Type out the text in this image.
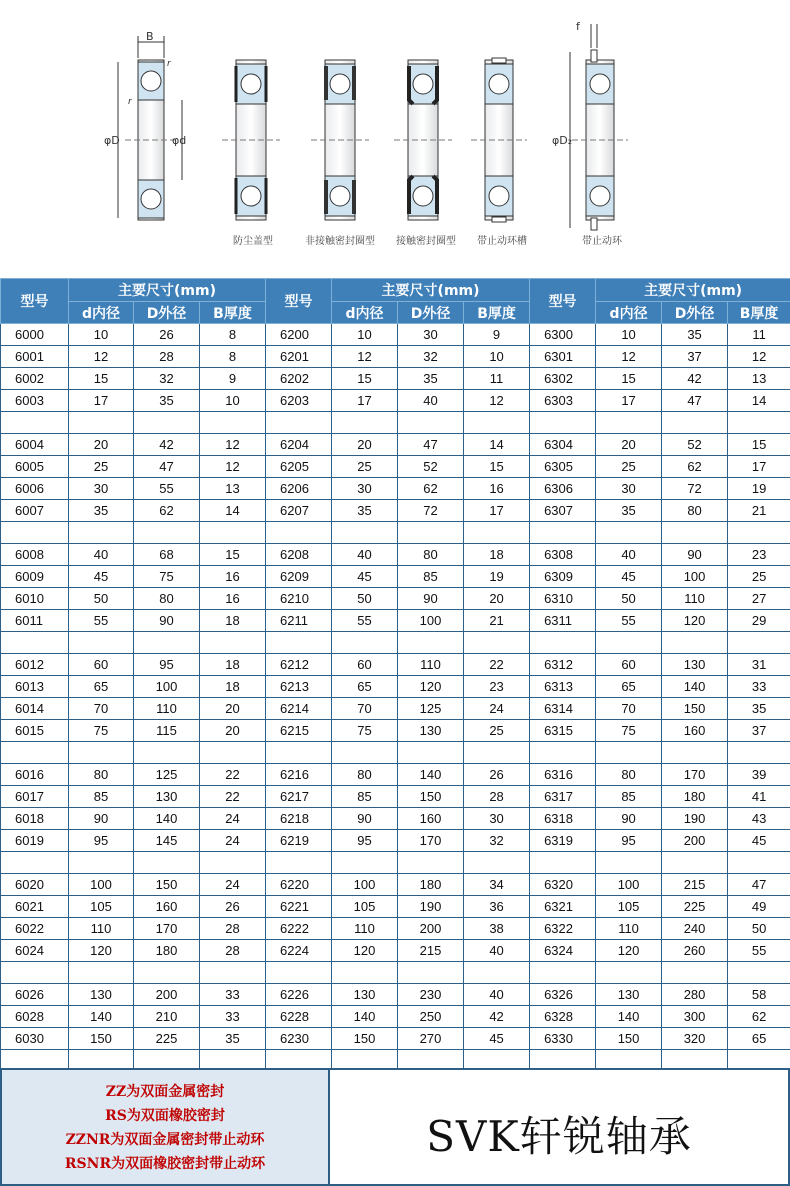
B
r
r
φD	φd
f
φD₂
防尘盖型	非接触密封圈型 接触密封圈型 带止动环槽	带止动环
型号	主要尺寸(mm)			型号	主要尺寸(mm)			型号	主要尺寸(mm)		
	d内径	D外径	B厚度		d内径	D外径	B厚度		d内径	D外径	B厚度
6000	10	26	8	6200	10	30	9	6300	10	35	11
6001	12	28	8	6201	12	32	10	6301	12	37	12
6002	15	32	9	6202	15	35	11	6302	15	42	13
6003	17	35	10	6203	17	40	12	6303	17	47	14

6004	20	42	12	6204	20	47	14	6304	20	52	15
6005	25	47	12	6205	25	52	15	6305	25	62	17
6006	30	55	13	6206	30	62	16	6306	30	72	19
6007	35	62	14	6207	35	72	17	6307	35	80	21

6008	40	68	15	6208	40	80	18	6308	40	90	23
6009	45	75	16	6209	45	85	19	6309	45	100	25
6010	50	80	16	6210	50	90	20	6310	50	110	27
6011	55	90	18	6211	55	100	21	6311	55	120	29

6012	60	95	18	6212	60	110	22	6312	60	130	31
6013	65	100	18	6213	65	120	23	6313	65	140	33
6014	70	110	20	6214	70	125	24	6314	70	150	35
6015	75	115	20	6215	75	130	25	6315	75	160	37

6016	80	125	22	6216	80	140	26	6316	80	170	39
6017	85	130	22	6217	85	150	28	6317	85	180	41
6018	90	140	24	6218	90	160	30	6318	90	190	43
6019	95	145	24	6219	95	170	32	6319	95	200	45

6020	100	150	24	6220	100	180	34	6320	100	215	47
6021	105	160	26	6221	105	190	36	6321	105	225	49
6022	110	170	28	6222	110	200	38	6322	110	240	50
6024	120	180	28	6224	120	215	40	6324	120	260	55

6026	130	200	33	6226	130	230	40	6326	130	280	58
6028	140	210	33	6228	140	250	42	6328	140	300	62
6030	150	225	35	6230	150	270	45	6330	150	320	65

ZZ为双面金属密封
RS为双面橡胶密封
ZZNR为双面金属密封带止动环
RSNR为双面橡胶密封带止动环
SVK轩锐轴承
